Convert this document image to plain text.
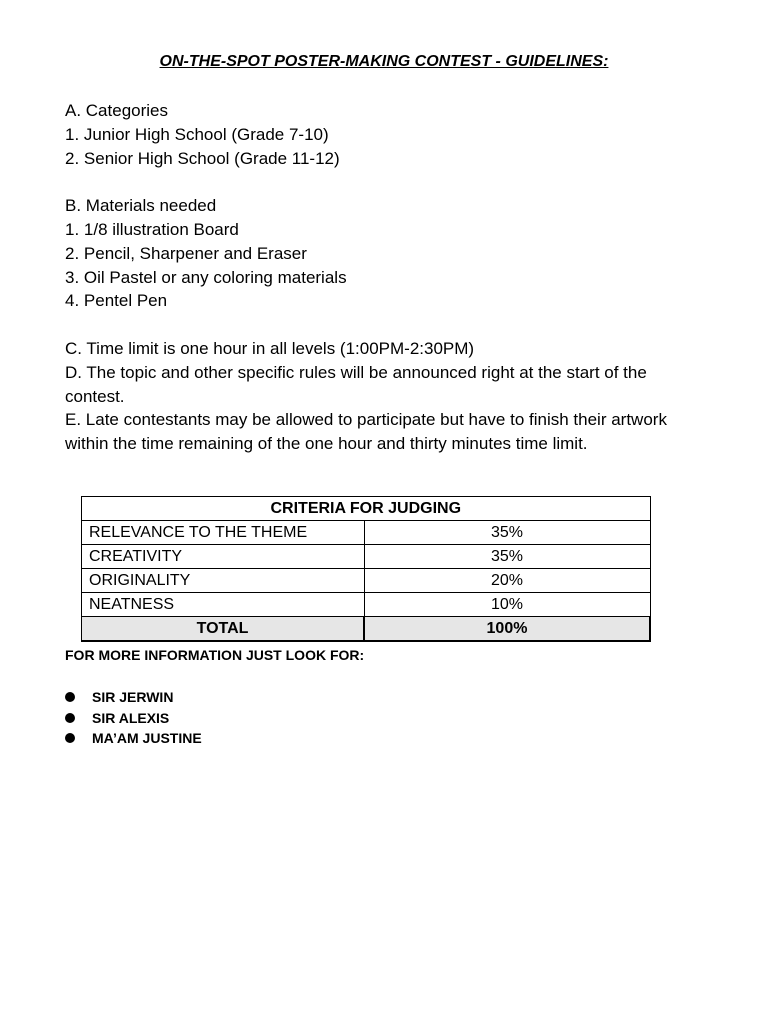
ON-THE-SPOT POSTER-MAKING CONTEST - GUIDELINES:

A. Categories

1. Junior High School (Grade 7-10)

2. Senior High School (Grade 11-12)

B. Materials needed

1. 1/8 illustration Board

2. Pencil, Sharpener and Eraser

3. Oil Pastel or any coloring materials

4. Pentel Pen

C. Time limit is one hour in all levels (1:00PM-2:30PM)

D. The topic and other specific rules will be announced right at the start of the contest.

E. Late contestants may be allowed to participate but have to finish their artwork within the time remaining of the one hour and thirty minutes time limit.

CRITERIA FOR JUDGING	
RELEVANCE TO THE THEME	35%
CREATIVITY	35%
ORIGINALITY	20%
NEATNESS	10%
TOTAL	100%
FOR MORE INFORMATION JUST LOOK FOR:
SIR JERWIN
SIR ALEXIS
MA’AM JUSTINE
